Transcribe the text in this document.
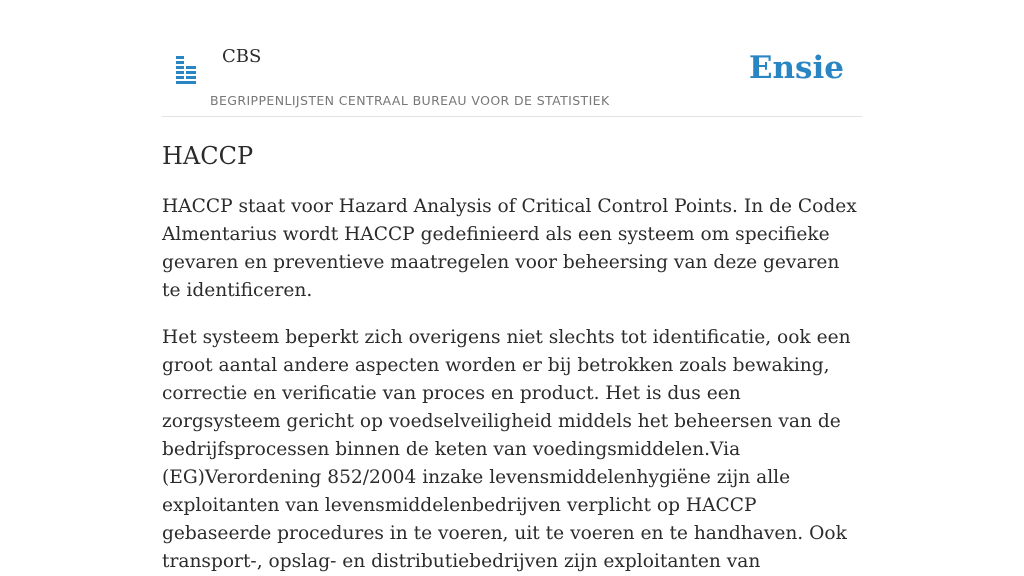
CBS
BEGRIPPENLIJSTEN CENTRAAL BUREAU VOOR DE STATISTIEK
Ensie
HACCP

HACCP staat voor Hazard Analysis of Critical Control Points. In de Codex Almentarius wordt HACCP gedefinieerd als een systeem om specifieke gevaren en preventieve maatregelen voor beheersing van deze gevaren te identificeren.

Het systeem beperkt zich overigens niet slechts tot identificatie, ook een groot aantal andere aspecten worden er bij betrokken zoals bewaking, correctie en verificatie van proces en product. Het is dus een zorgsysteem gericht op voedselveiligheid middels het beheersen van de bedrijfsprocessen binnen de keten van voedingsmiddelen.Via (EG)Verordening 852/2004 inzake levensmiddelenhygiëne zijn alle exploitanten van levensmiddelenbedrijven verplicht op HACCP gebaseerde procedures in te voeren, uit te voeren en te handhaven. Ook transport-, opslag- en distributiebedrijven zijn exploitanten van
